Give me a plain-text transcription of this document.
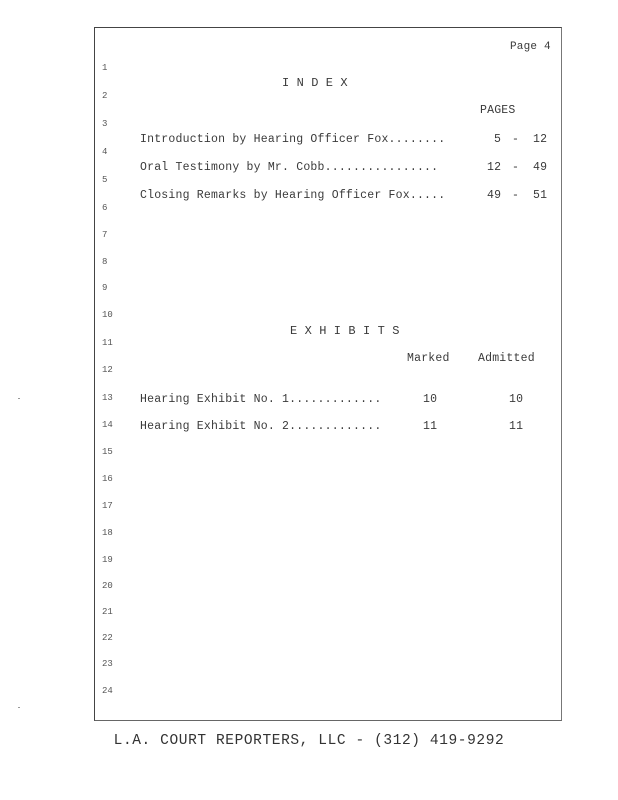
Page 4
1
2
3
4
5
6
7
8
9
10
11
12
13
14
15
16
17
18
19
20
21
22
23
24
I N D E X
PAGES
Introduction by Hearing Officer Fox........	5 - 12
Oral Testimony by Mr. Cobb................	12 - 49
Closing Remarks by Hearing Officer Fox.....	49 - 51
E X H I B I T S
Marked Admitted
Hearing Exhibit No. 1.............	10	10
Hearing Exhibit No. 2.............	11	11
L.A. COURT REPORTERS, LLC - (312) 419-9292
